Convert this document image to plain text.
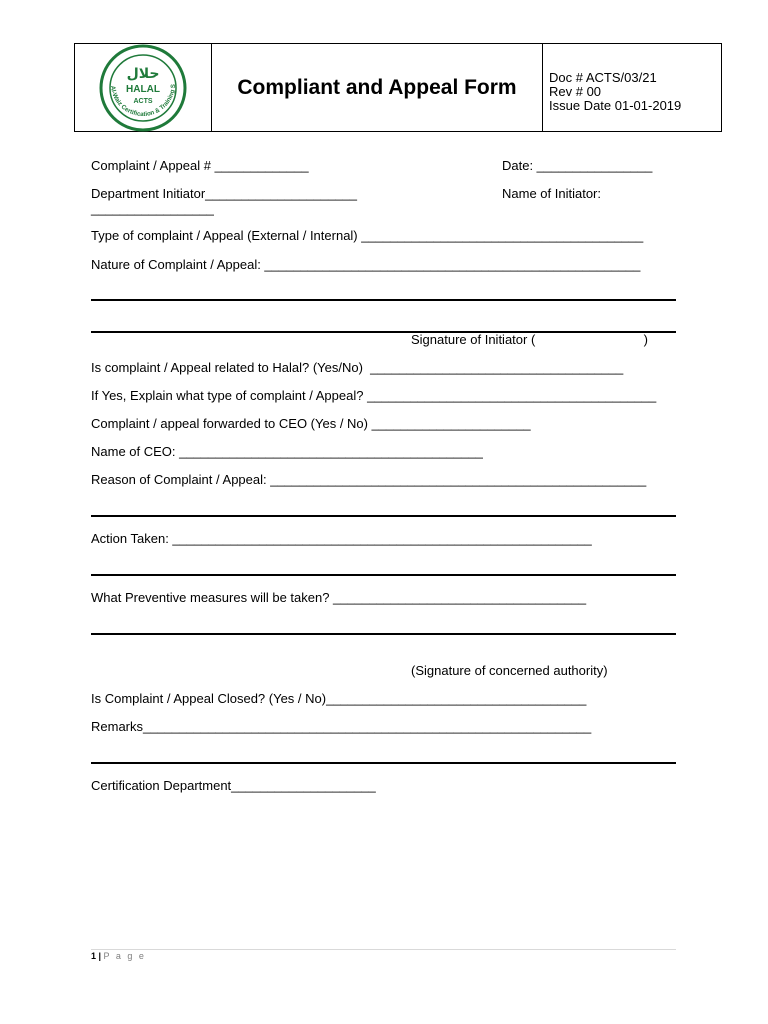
Al-Waiz Certification & Training S
حلال
HALAL
ACTS
Compliant and Appeal Form Doc # ACTS/03/21
Rev # 00
Issue Date 01-01-2019
Complaint / Appeal # _____________	Date: ________________
Department Initiator_____________________	Name of Initiator:
_________________
Type of complaint / Appeal (External / Internal) _______________________________________
Nature of Complaint / Appeal: ____________________________________________________
Signature of Initiator (                              )
Is complaint / Appeal related to Halal? (Yes/No)  ___________________________________
If Yes, Explain what type of complaint / Appeal? ________________________________________
Complaint / appeal forwarded to CEO (Yes / No) ______________________
Name of CEO: __________________________________________
Reason of Complaint / Appeal: ____________________________________________________
Action Taken: __________________________________________________________
What Preventive measures will be taken? ___________________________________
(Signature of concerned authority)
Is Complaint / Appeal Closed? (Yes / No)____________________________________
Remarks______________________________________________________________
Certification Department____________________
1 | P a g e
